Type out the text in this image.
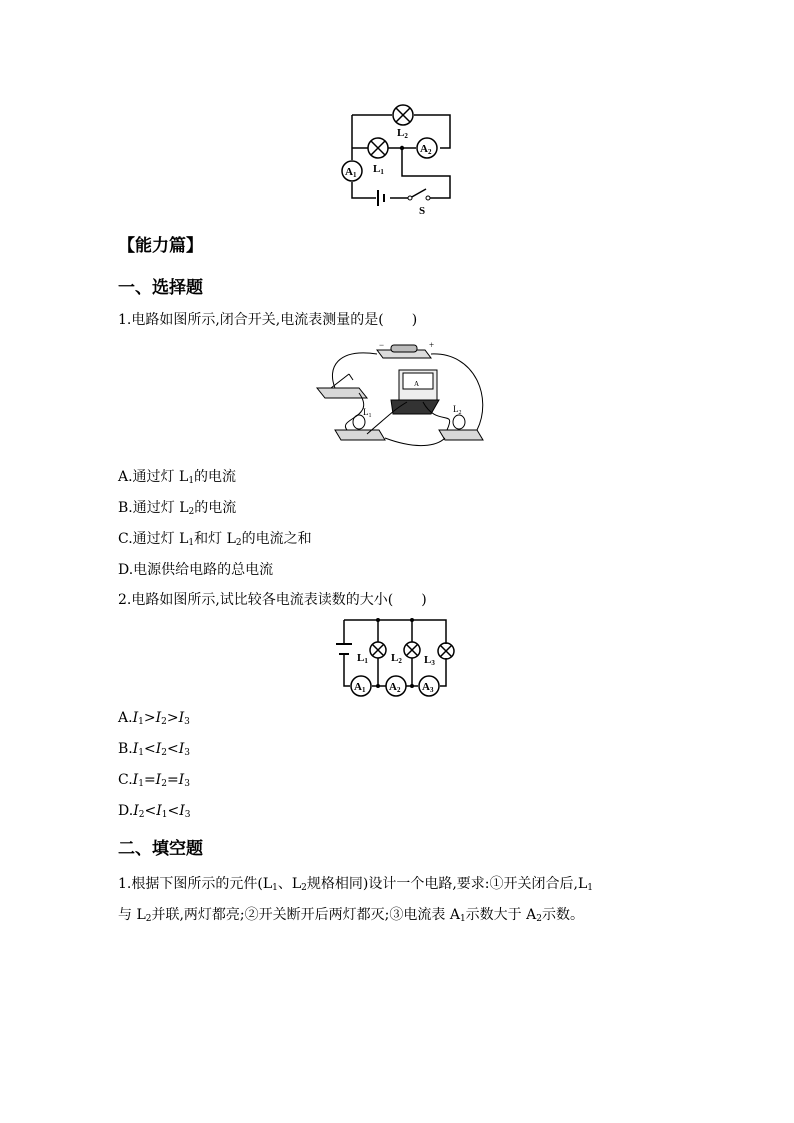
A2
A1
L2
L1
S
【能力篇】
一、选择题
1.电路如图所示,闭合开关,电流表测量的是(　　)
−	+
$L_1$
$L_2$
A
A.通过灯 $L_1$的电流
B.通过灯 $L_2$的电流
C.通过灯 $L_1$和灯 $L_2$的电流之和
D.电源供给电路的总电流
2.电路如图所示,试比较各电流表读数的大小(　　)
L1 L2 L3
A1 A2 A3
$A.I_1>I_2>I_3$
$B.I_1<I_2<I_3$
$C.I_1=I_2=I_3$
$D.I_2<I_1<I_3$
二、填空题
1.根据下图所示的元件($L_1$、$L_2$规格相同)设计一个电路,要求:①开关闭合后$,L_1$
与 $L_2$并联,两灯都亮;②开关断开后两灯都灭;③电流表 $A_1$示数大于 $A_2$示数。
